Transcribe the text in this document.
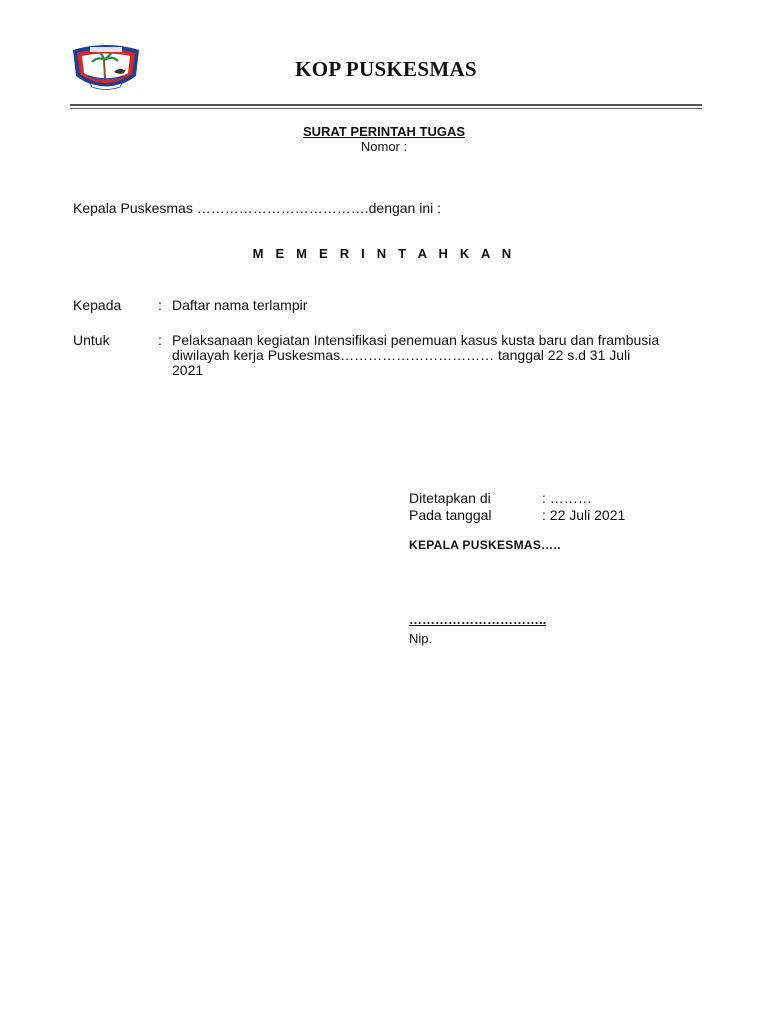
KOP PUSKESMAS
SURAT PERINTAH TUGAS
Nomor :
Kepala Puskesmas ……………………………….dengan ini :
M E M E R I N T A H K A N
Kepada	: Daftar nama terlampir
Untuk	: Pelaksanaan kegiatan Intensifikasi penemuan kasus kusta baru dan frambusia
diwilayah kerja Puskesmas…………………………… tanggal 22 s.d 31 Juli
2021
Ditetapkan di	: ………
Pada tanggal	: 22 Juli 2021
KEPALA PUSKESMAS…..
…………………………..
Nip.
